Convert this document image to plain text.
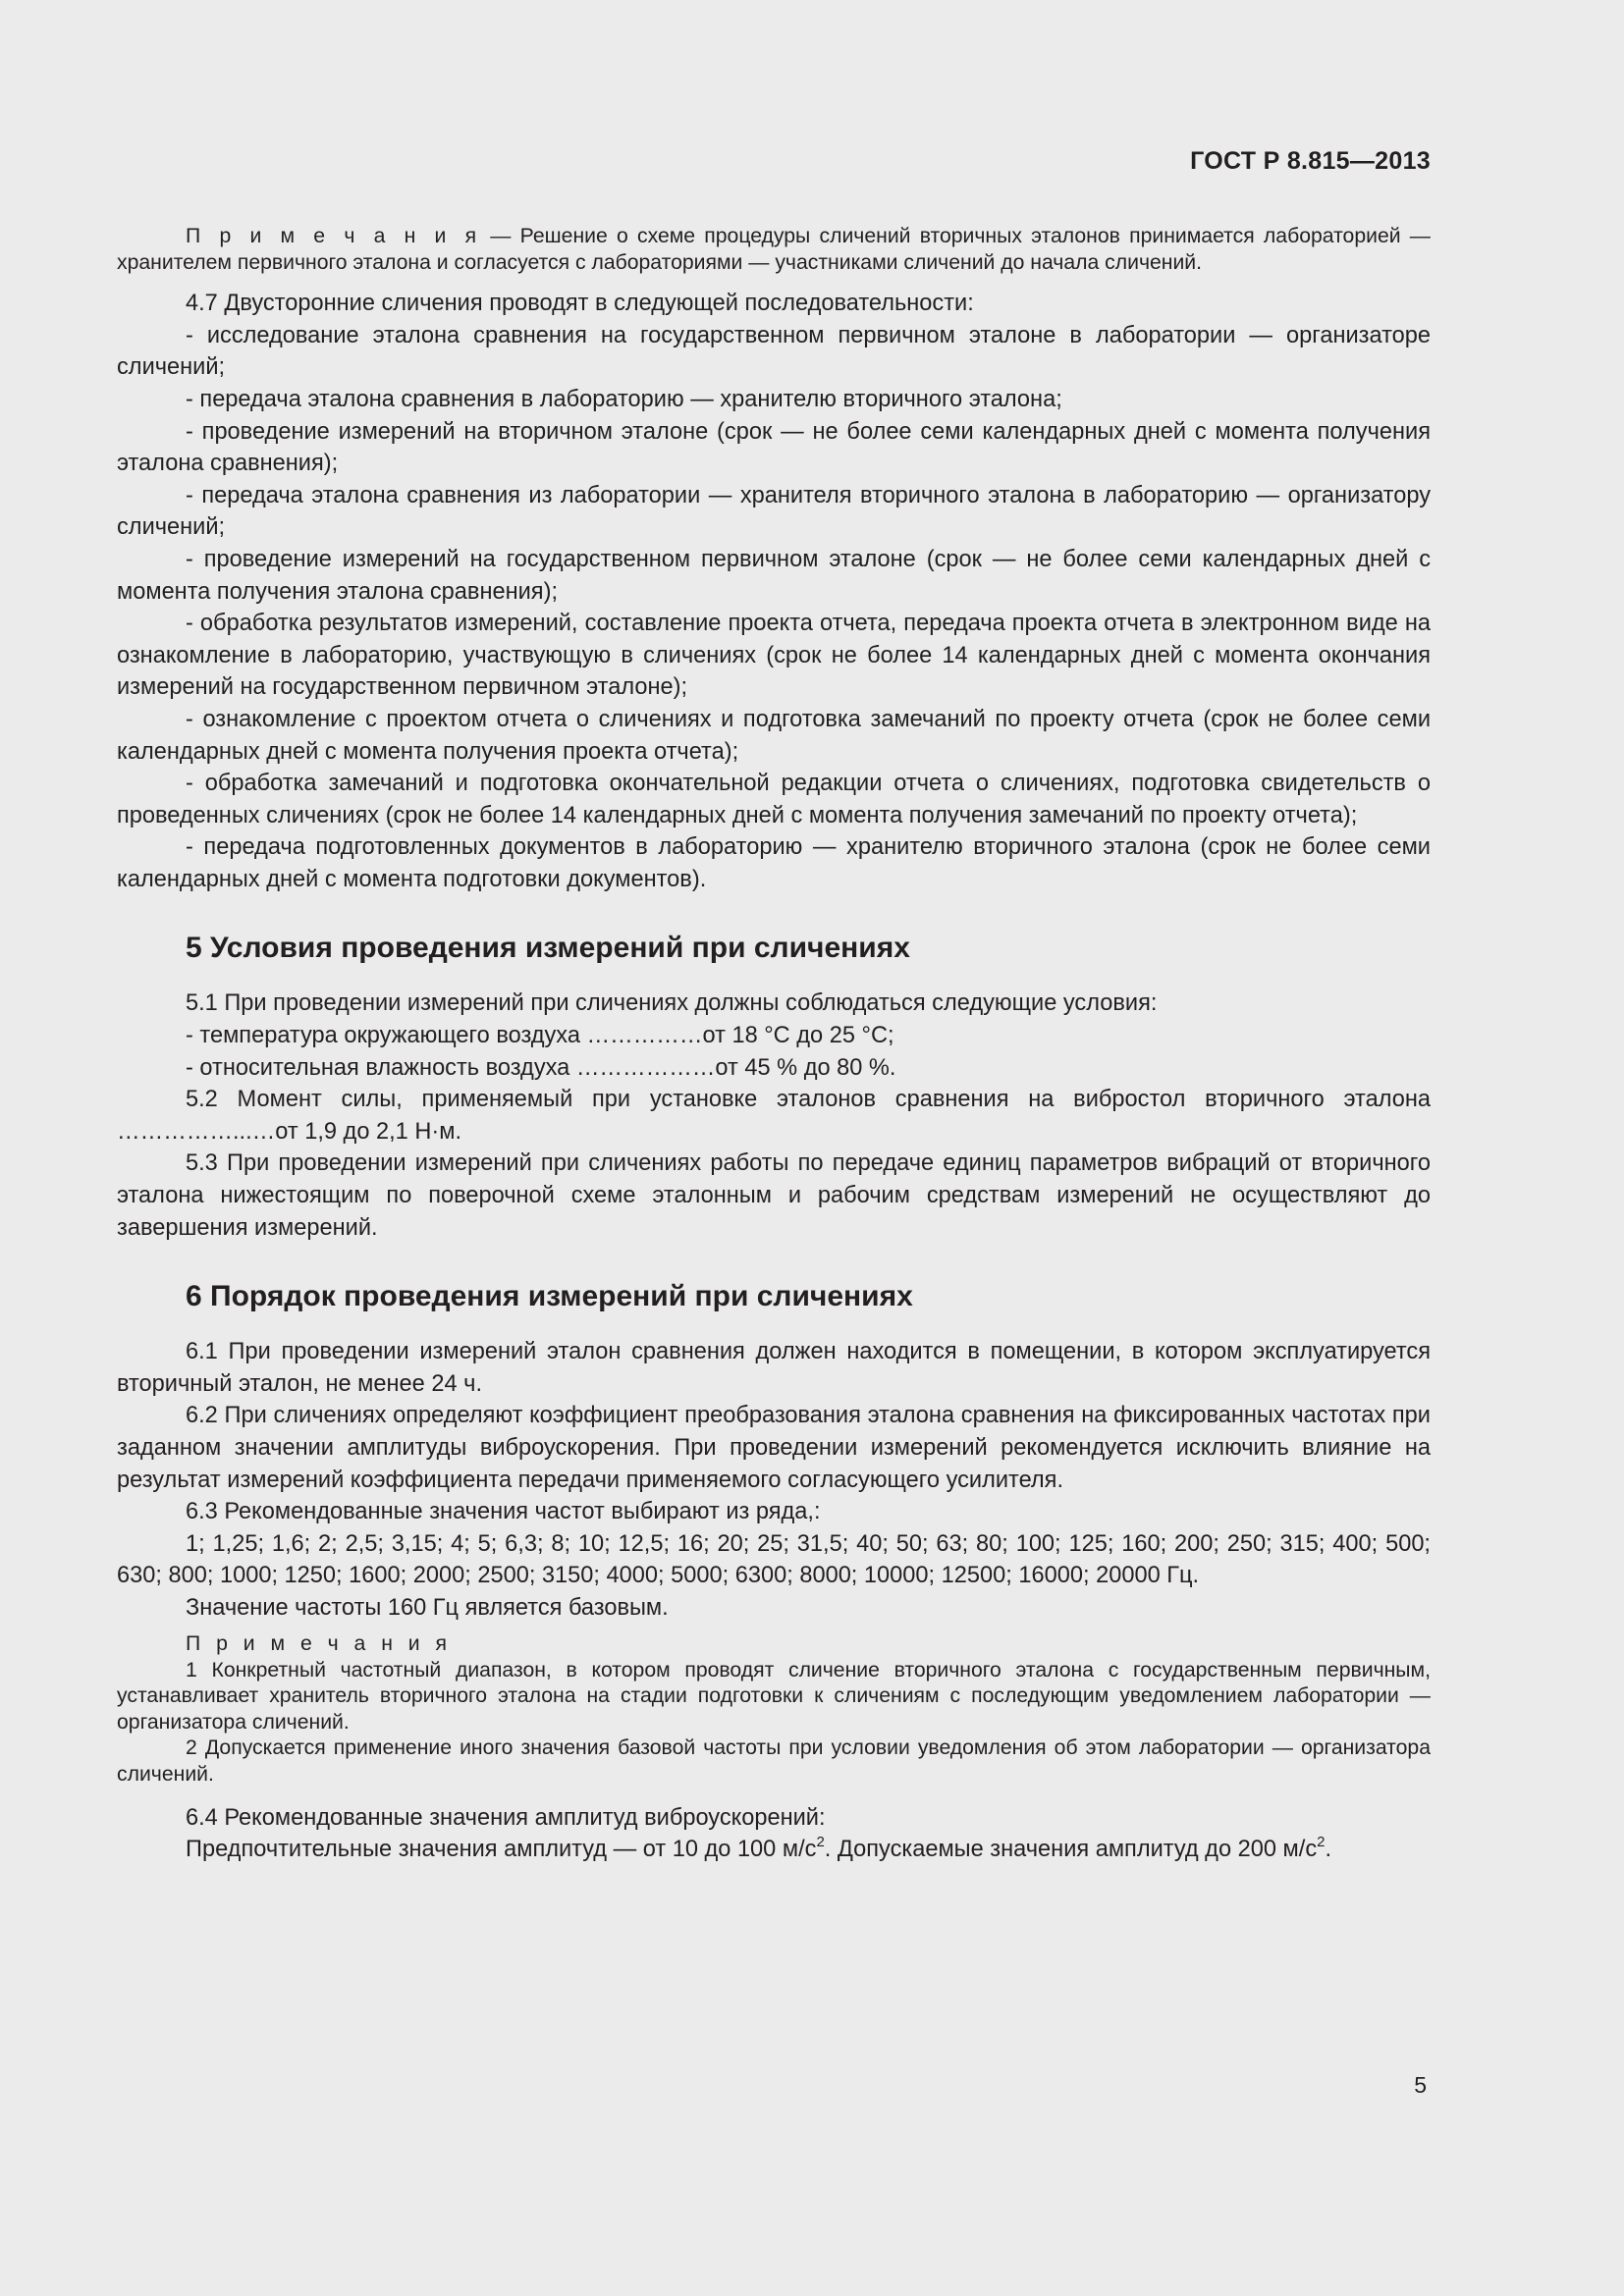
ГОСТ Р 8.815—2013

П р и м е ч а н и я — Решение о схеме процедуры сличений вторичных эталонов принимается лабораторией — хранителем первичного эталона и согласуется с лабораториями — участниками сличений до начала сличений.

4.7 Двусторонние сличения проводят в следующей последовательности:

- исследование эталона сравнения на государственном первичном эталоне в лаборатории — организаторе сличений;

- передача эталона сравнения в лабораторию — хранителю вторичного эталона;

- проведение измерений на вторичном эталоне (срок — не более семи календарных дней с момента получения эталона сравнения);

- передача эталона сравнения из лаборатории — хранителя вторичного эталона в лабораторию — организатору сличений;

- проведение измерений на государственном первичном эталоне (срок — не более семи календарных дней с момента получения эталона сравнения);

- обработка результатов измерений, составление проекта отчета, передача проекта отчета в электронном виде на ознакомление в лабораторию, участвующую в сличениях (срок не более 14 календарных дней с момента окончания измерений на государственном первичном эталоне);

- ознакомление с проектом отчета о сличениях и подготовка замечаний по проекту отчета (срок не более семи календарных дней с момента получения проекта отчета);

- обработка замечаний и подготовка окончательной редакции отчета о сличениях, подготовка свидетельств о проведенных сличениях (срок не более 14 календарных дней с момента получения замечаний по проекту отчета);

- передача подготовленных документов в лабораторию — хранителю вторичного эталона (срок не более семи календарных дней с момента подготовки документов).

5 Условия проведения измерений при сличениях

5.1 При проведении измерений при сличениях должны соблюдаться следующие условия:

- температура окружающего воздуха ……………от 18 °С до 25 °С;

- относительная влажность воздуха ………………от 45 % до 80 %.

5.2 Момент силы, применяемый при установке эталонов сравнения на вибростол вторичного эталона ……………...…от 1,9 до 2,1 Н·м.

5.3 При проведении измерений при сличениях работы по передаче единиц параметров вибраций от вторичного эталона нижестоящим по поверочной схеме эталонным и рабочим средствам измерений не осуществляют до завершения измерений.

6 Порядок проведения измерений при сличениях

6.1 При проведении измерений эталон сравнения должен находится в помещении, в котором эксплуатируется вторичный эталон, не менее 24 ч.

6.2 При сличениях определяют коэффициент преобразования эталона сравнения на фиксированных частотах при заданном значении амплитуды виброускорения. При проведении измерений рекомендуется исключить влияние на результат измерений коэффициента передачи применяемого согласующего усилителя.

6.3 Рекомендованные значения частот выбирают из ряда,:

1; 1,25; 1,6; 2; 2,5; 3,15; 4; 5; 6,3; 8; 10; 12,5; 16; 20; 25; 31,5; 40; 50; 63; 80; 100; 125; 160; 200; 250; 315; 400; 500; 630; 800; 1000; 1250; 1600; 2000; 2500; 3150; 4000; 5000; 6300; 8000; 10000; 12500; 16000; 20000 Гц.

Значение частоты 160 Гц является базовым.

П р и м е ч а н и я

1 Конкретный частотный диапазон, в котором проводят сличение вторичного эталона с государственным первичным, устанавливает хранитель вторичного эталона на стадии подготовки к сличениям с последующим уведомлением лаборатории — организатора сличений.

2 Допускается применение иного значения базовой частоты при условии уведомления об этом лаборатории — организатора сличений.

6.4 Рекомендованные значения амплитуд виброускорений:

Предпочтительные значения амплитуд — от 10 до 100 $м/с^2$. Допускаемые значения амплитуд до 200 $м/с^2$.

5
